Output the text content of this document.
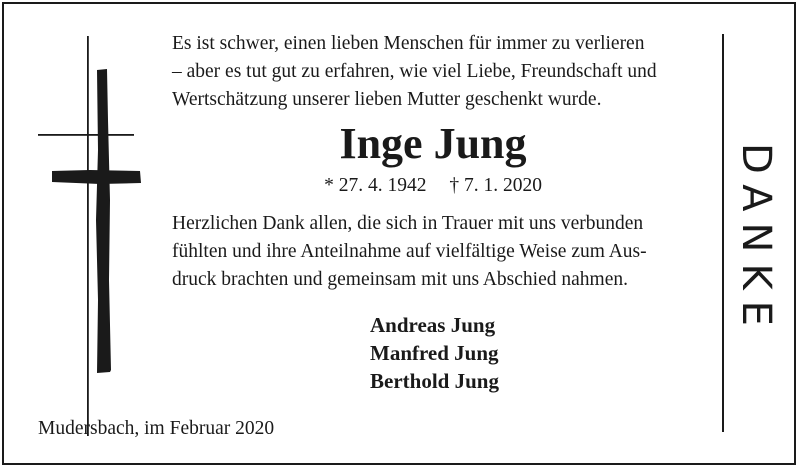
Es ist schwer, einen lieben Menschen für immer zu verlieren
– aber es tut gut zu erfahren, wie viel Liebe, Freundschaft und
Wertschätzung unserer lieben Mutter geschenkt wurde.
Inge Jung
* 27. 4. 1942 † 7. 1. 2020
Herzlichen Dank allen, die sich in Trauer mit uns verbunden
fühlten und ihre Anteilnahme auf vielfältige Weise zum Aus-
druck brachten und gemeinsam mit uns Abschied nahmen.
Andreas Jung
Manfred Jung
Berthold Jung
Mudersbach, im Februar 2020
DANKE
